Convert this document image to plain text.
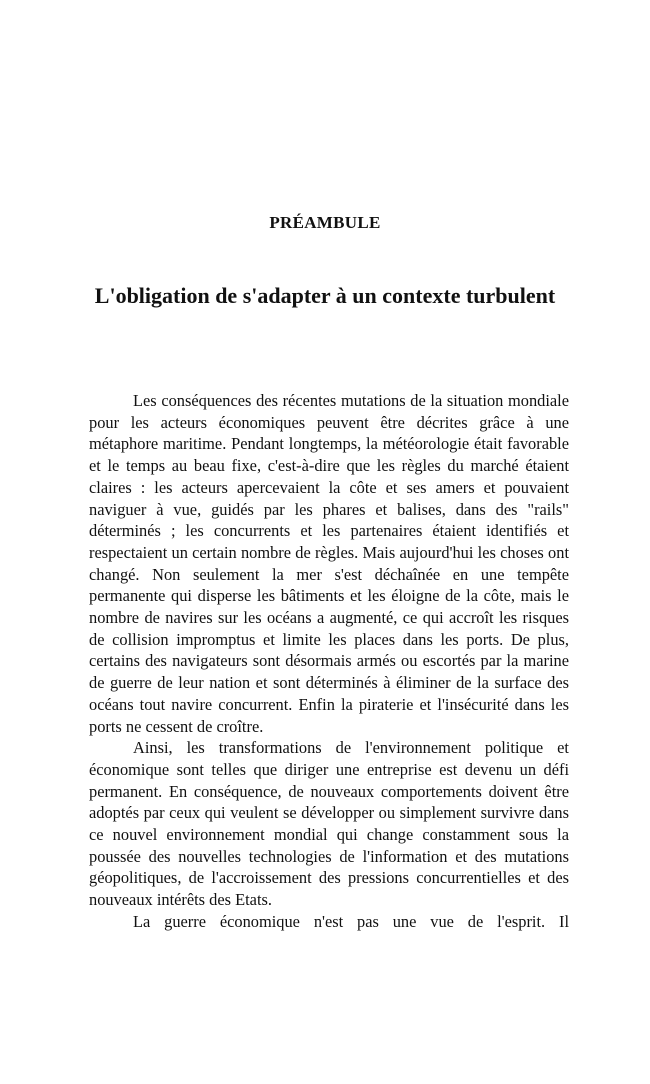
PRÉAMBULE
L'obligation de s'adapter à un contexte turbulent

Les conséquences des récentes mutations de la situation mondiale pour les acteurs économiques peuvent être décrites grâce à une métaphore maritime. Pendant longtemps, la météorologie était favorable et le temps au beau fixe, c'est-à-dire que les règles du marché étaient claires : les acteurs apercevaient la côte et ses amers et pouvaient naviguer à vue, guidés par les phares et balises, dans des "rails" déterminés ; les concurrents et les partenaires étaient identifiés et respectaient un certain nombre de règles. Mais aujourd'hui les choses ont changé. Non seulement la mer s'est déchaînée en une tempête permanente qui disperse les bâtiments et les éloigne de la côte, mais le nombre de navires sur les océans a augmenté, ce qui accroît les risques de collision impromptus et limite les places dans les ports. De plus, certains des navigateurs sont désormais armés ou escortés par la marine de guerre de leur nation et sont déterminés à éliminer de la surface des océans tout navire concurrent. Enfin la piraterie et l'insécurité dans les ports ne cessent de croître.

Ainsi, les transformations de l'environnement politique et économique sont telles que diriger une entreprise est devenu un défi permanent. En conséquence, de nouveaux comportements doivent être adoptés par ceux qui veulent se développer ou simplement survivre dans ce nouvel environnement mondial qui change constamment sous la poussée des nouvelles technologies de l'information et des mutations géopolitiques, de l'accroissement des pressions concurrentielles et des nouveaux intérêts des Etats.

La guerre économique n'est pas une vue de l'esprit. Il
